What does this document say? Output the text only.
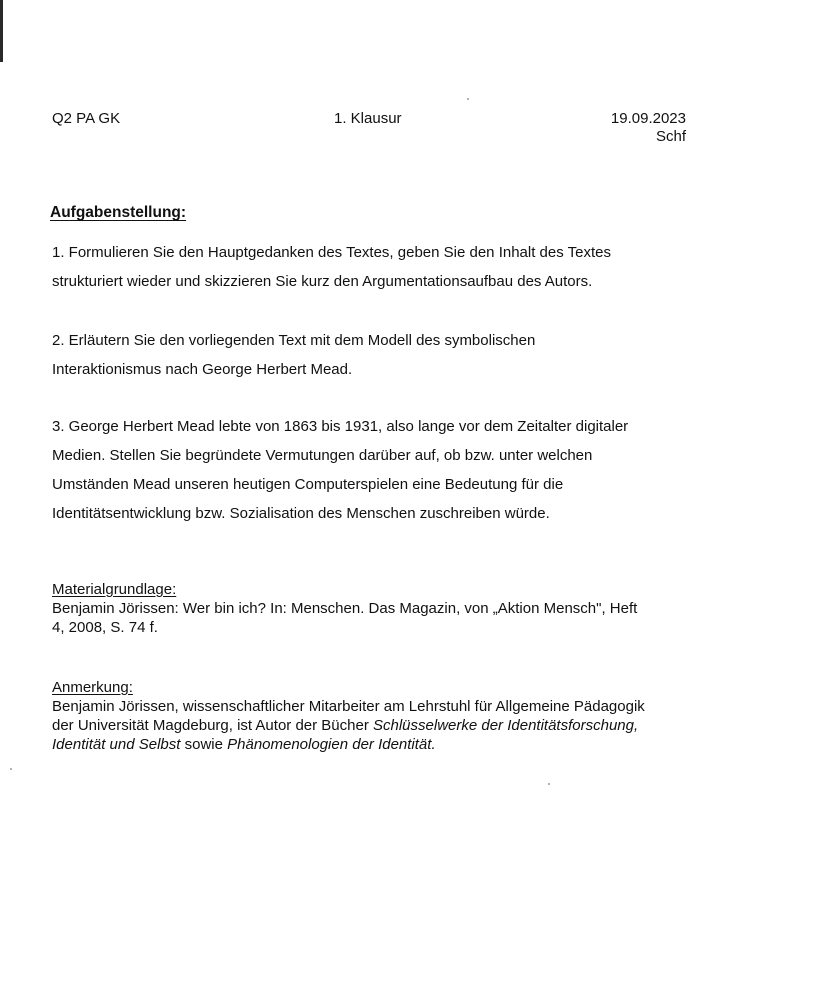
Q2 PA GK	1. Klausur	19.09.2023
Schf
Aufgabenstellung:

1. Formulieren Sie den Hauptgedanken des Textes, geben Sie den Inhalt des Textes

strukturiert wieder und skizzieren Sie kurz den Argumentationsaufbau des Autors.

2. Erläutern Sie den vorliegenden Text mit dem Modell des symbolischen

Interaktionismus nach George Herbert Mead.

3. George Herbert Mead lebte von 1863 bis 1931, also lange vor dem Zeitalter digitaler

Medien. Stellen Sie begründete Vermutungen darüber auf, ob bzw. unter welchen

Umständen Mead unseren heutigen Computerspielen eine Bedeutung für die

Identitätsentwicklung bzw. Sozialisation des Menschen zuschreiben würde.

Materialgrundlage:

Benjamin Jörissen: Wer bin ich? In: Menschen. Das Magazin, von „Aktion Mensch", Heft

4, 2008, S. 74 f.

Anmerkung:

Benjamin Jörissen, wissenschaftlicher Mitarbeiter am Lehrstuhl für Allgemeine Pädagogik

der Universität Magdeburg, ist Autor der Bücher Schlüsselwerke der Identitätsforschung,

Identität und Selbst sowie Phänomenologien der Identität.
